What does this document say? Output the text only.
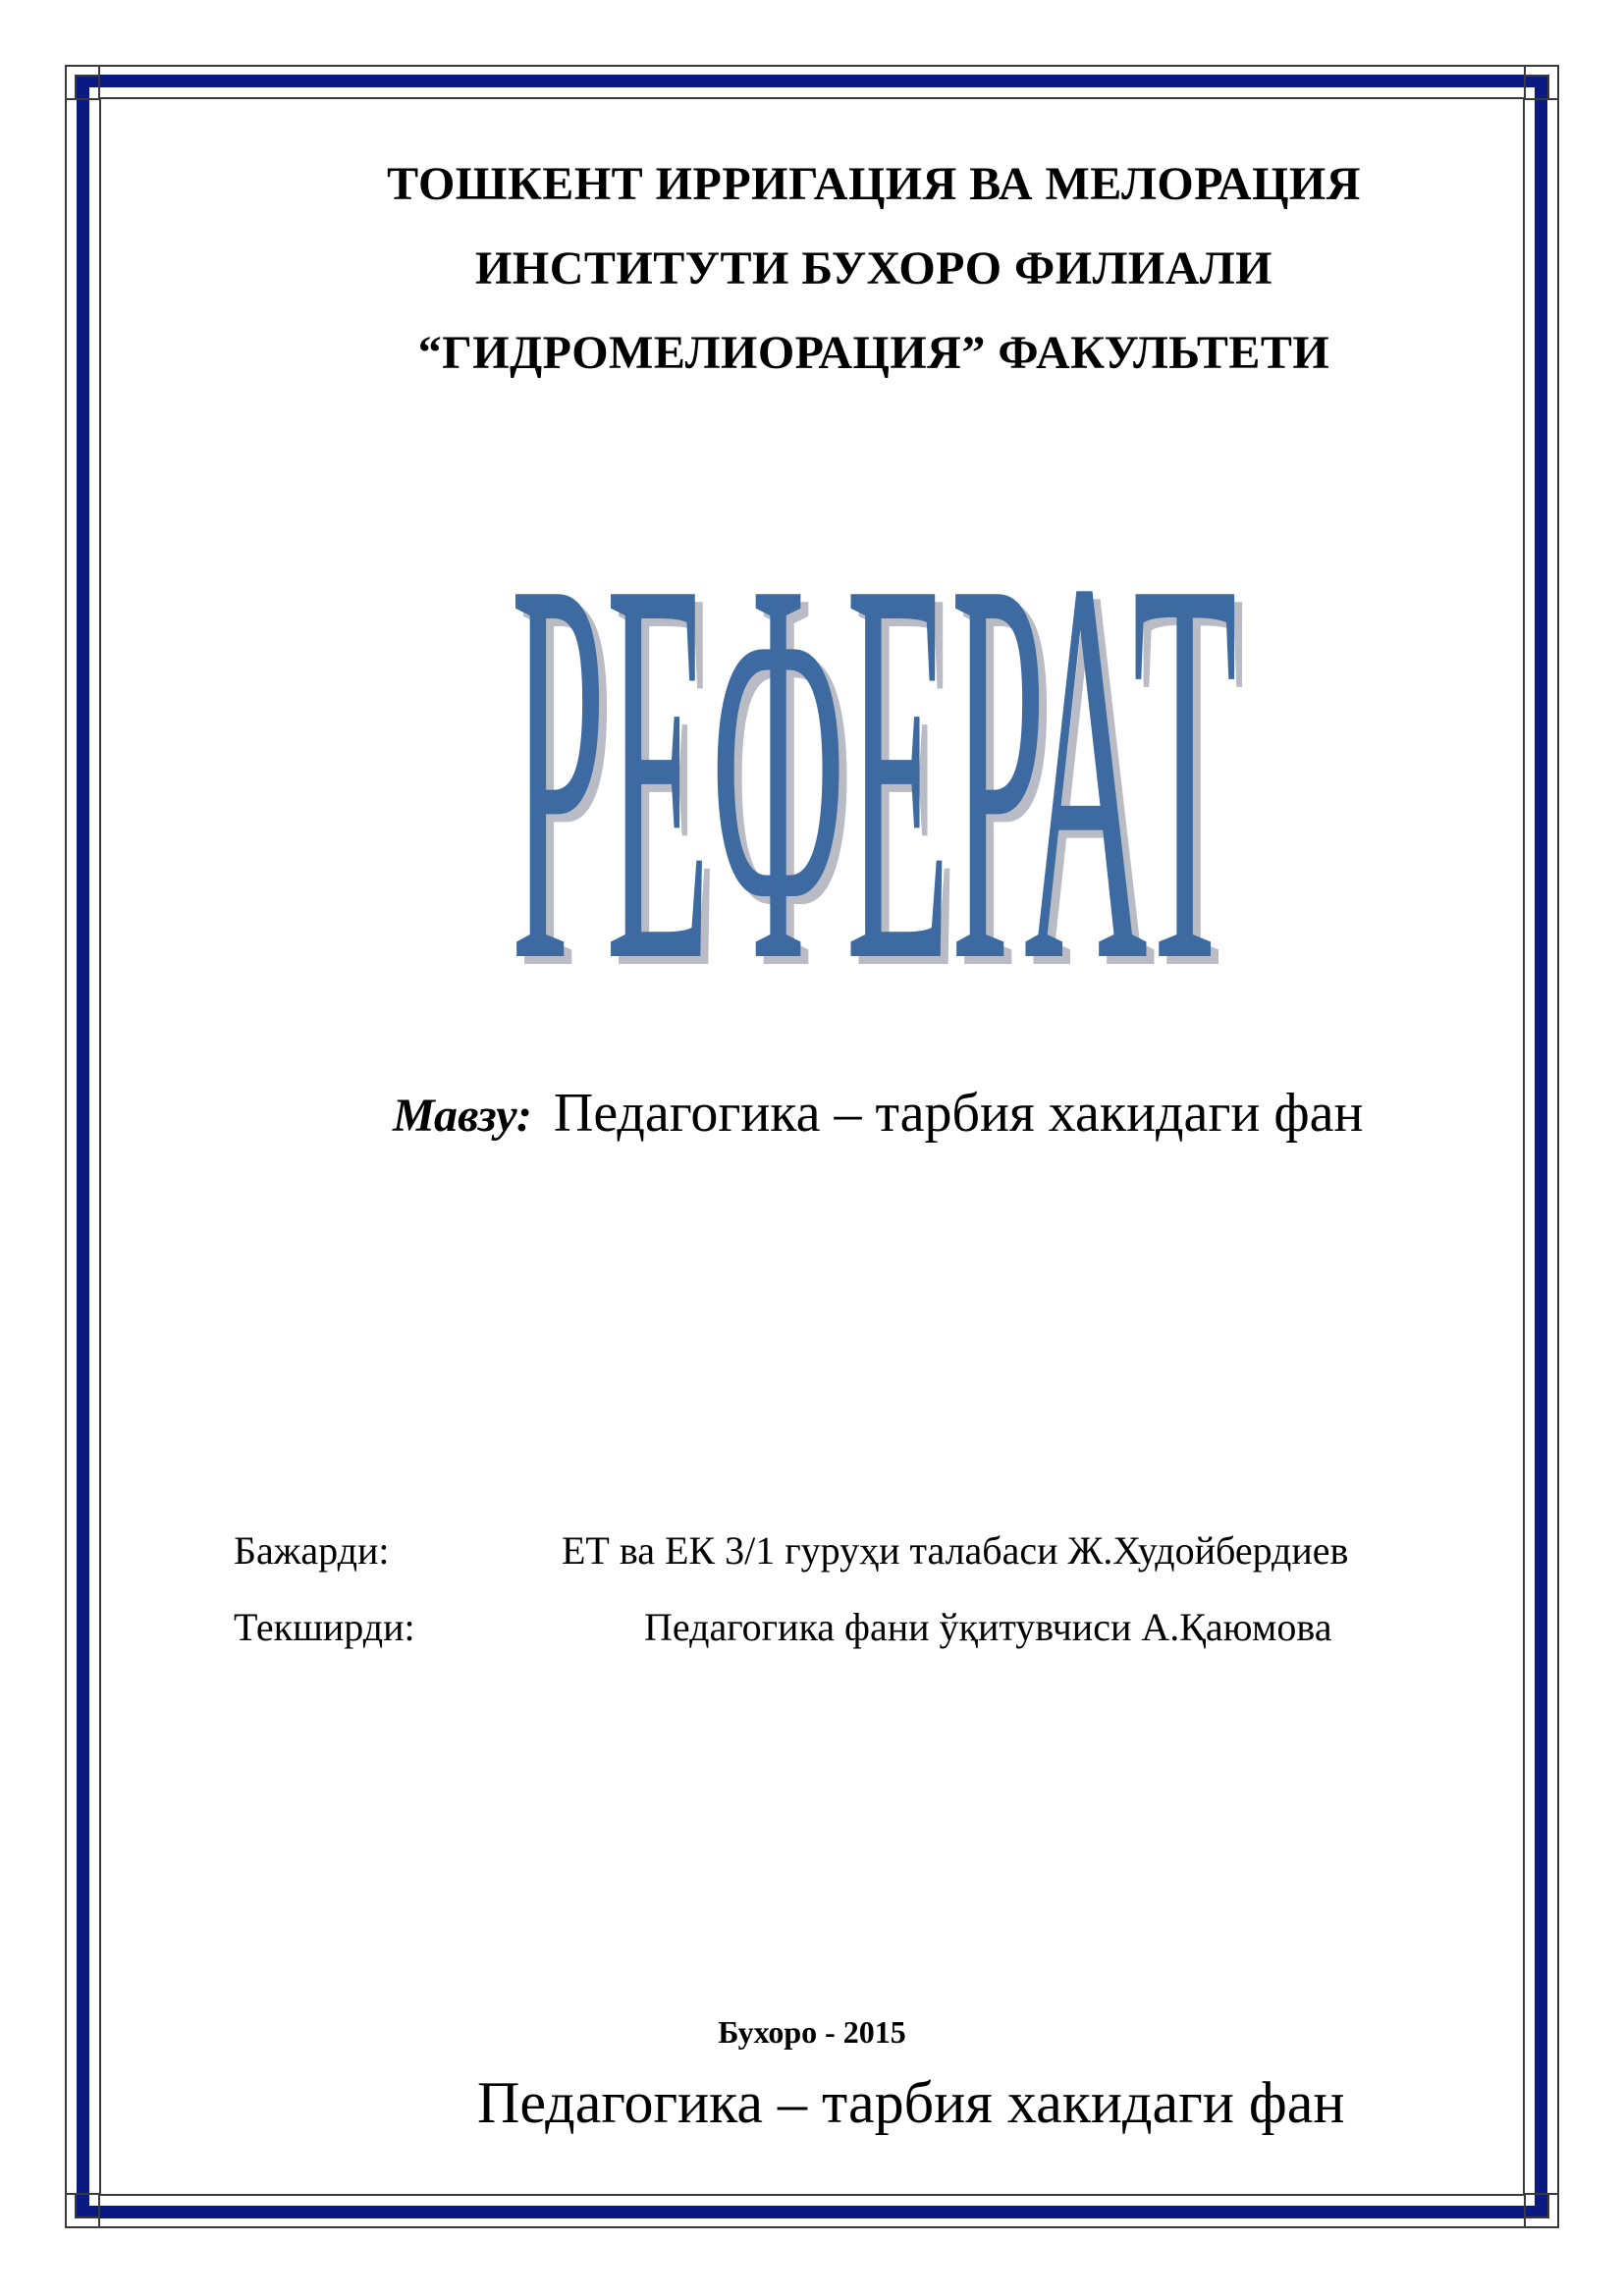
ТОШКЕНТ ИРРИГАЦИЯ ВА МЕЛОРАЦИЯ
ИНСТИТУТИ БУХОРО ФИЛИАЛИ
“ГИДРОМЕЛИОРАЦИЯ” ФАКУЛЬТЕТИ
РЕФЕРАТ
РЕФЕРАТ
Мавзу: Педагогика – тарбия хакидаги фан
Бажарди:	ЕТ ва ЕК 3/1 гуруҳи талабаси Ж.Худойбердиев
Текширди:	Педагогика фани ўқитувчиси А.Қаюмова
Бухоро - 2015
Педагогика – тарбия хакидаги фан
